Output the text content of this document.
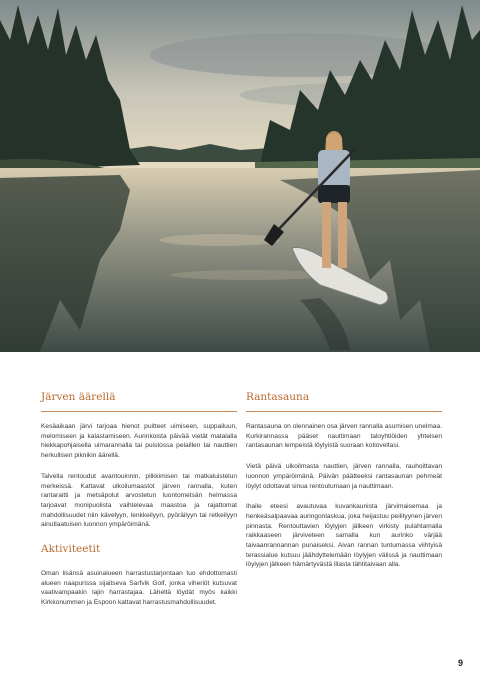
Järven äärellä

Kesäaikaan järvi tarjoaa hienot puitteet uimiseen, suppailuun, melomiseen ja kalastamiseen. Aurinkoista päivää vietät matalalla hiekkapohjaisella uimarannalla tai puistossa pelaillen tai nauttien herkullisen piknikin äärellä.

Talvella rentoudut avantouinnin, pilkkimisen tai matkaluistelun merkeissä. Kattavat ulkoilumaastot järven rannalla, kuten rantaraitti ja metsäpolut arvostetun luontometsän helmassa tarjoavat monipuolista vaihtelevaa maastoa ja rajattomat mahdollisuudet niin kävelyyn, lenkkeilyyn, pyöräilyyn tai retkeilyyn ainutlaatuisen luonnon ympäröimänä.

Aktiviteetit

Oman lisänsä asuinalueen harrastustarjontaan tuo ehdottomasti alueen naapurissa sijaitseva Sarfvik Golf, jonka viheriöt kutsuvat vaativampaakin lajin harrastajaa. Läheltä löydät myös kaikki Kirkkonummen ja Espoon kattavat harrastusmahdollisuudet.

Rantasauna

Rantasauna on olennainen osa järven rannalla asumisen unelmaa. Kurkirannassa pääset nauttimaan taloyhtiöiden yhteisen rantasaunan lempeistä löylyistä suoraan kotioveltasi.

Vietä päivä ulkoilmasta nauttien, järven rannalla, rauhoittavan luonnon ympäröimänä. Päivän päätteeksi rantasaunan pehmeät löylyt odottavat sinua rentoutumaan ja nauttimaan.

Ihaile eteesi avautuvaa kuvankaunista järvimaisemaa ja henkeäsalpaavaa auringonlaskua, joka heijastuu peilityynen järven pinnasta. Rentouttavien löylyjen jälkeen virkisty pulahtamalla raikkaaseen järviveteen samalla kun aurinko värjää taivaanrannannan punaiseksi. Aivan rannan tuntumassa viihtyisä terassialue kutsuu jäähdyttelemään löylyjen välissä ja nauttimaan löylyjen jälkeen hämärtyvästä illasta tähtitaivaan alla.

9
